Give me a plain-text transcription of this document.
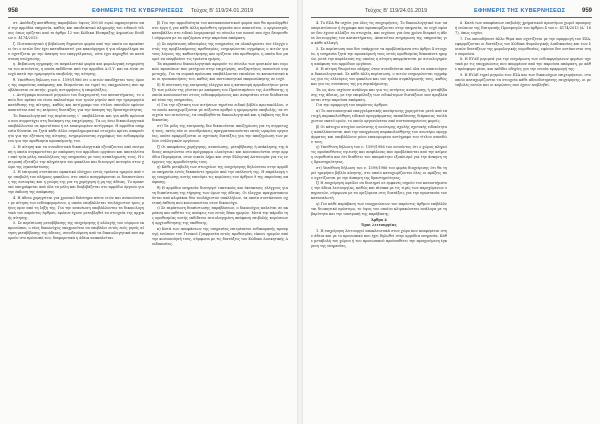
958	ΕΦΗΜΕΡΙΣ ΤΗΣ ΚΥΒΕΡΝΗΣΕΩΣ Τεύχος Β’ 119/24.01.2019

στ. Απόδειξη κατάθεσης παραβόλου ύψους 300,00 ευρώ σφραγισμένο από την αρμόδια υπηρεσία, καθώς και αποδεικτικό πληρωμής του ειδικού τέλους όπως ορίζεται από το άρθρο 12 του Κώδικα Είσπραξης Δημοσίων Εσόδων ν. 4174/2013.

ζ. Πιστοποιητικό ή βεβαίωση δημοσίου φορέα από την οποία να προκύπτει ότι ο αιτών δεν έχει καταδικαστεί για κακούργημα ή για πλημμέλημα που σχετίζεται με την άσκηση του επαγγέλματος, ούτε έχει κηρυχθεί σε κατάσταση πτώχευσης.

η. Βεβαίωση εγγραφής σε ασφαλιστικό φορέα και φορολογική ενημερότητα του αιτούντος, η οποία εκδίδεται από την αρμόδια Δ.Ο.Υ. και να είναι σε ισχύ κατά την ημερομηνία υποβολής της αίτησης.

θ. Υπεύθυνη δήλωση του ν. 1599/1986 ότι ο αιτών αποδέχεται τους όρους της παρούσας απόφασης και δεσμεύεται να τηρεί τις υποχρεώσεις που προβλέπονται σε αυτήν, χωρίς αντιρρήσεις ή επιφυλάξεις.

ι. Αντίγραφο ποινικού μητρώου του διαχειριστή του καταστήματος, το οποίο δεν πρέπει να είναι παλαιότερο των τριών μηνών από την ημερομηνία κατάθεσης της αίτησης, καθώς και αντίγραφο του τίτλου σπουδών εφόσον απαιτείται από τις κείμενες διατάξεις για την άσκηση της δραστηριότητας.

Το δικαιολογητικό της περίπτωσης ι΄ υποβάλλεται και για κάθε πρόσωπο που συμμετέχει στη διοίκηση της επιχείρησης. Τα ως άνω δικαιολογητικά υποβάλλονται σε πρωτότυπο ή σε επικυρωμένο αντίγραφο. Η αρμόδια υπηρεσία δύναται να ζητά κάθε άλλο συμπληρωματικό στοιχείο κρίνει απαραίτητο για την εξέταση της αίτησης, ενημερώνοντας εγγράφως τον ενδιαφερόμενο για την προθεσμία προσκόμισής του.

2. Η αίτηση και τα συνοδευτικά δικαιολογητικά εξετάζονται από επιτροπή η οποία συγκροτείται με απόφαση του αρμόδιου οργάνου και αποτελείται από τρία μέλη, υπαλλήλους της υπηρεσίας με τους αναπληρωτές τους. Η επιτροπή εξετάζει την πληρότητα του φακέλου και διενεργεί αυτοψία στον χώρο της εγκατάστασης.

3. Η επιτροπή συντάσσει πρακτικό ελέγχου εντός τριάντα ημερών από την υποβολή του πλήρους φακέλου, στο οποίο αναγράφονται οι διαπιστώσεις της αυτοψίας και η γνώμη της για τη χορήγηση ή μη της άδειας. Το πρακτικό υπογράφεται από όλα τα μέλη και διαβιβάζεται στο αρμόδιο όργανο για την έκδοση της απόφασης.

4. Η άδεια χορηγείται για χρονικό διάστημα πέντε ετών και ανανεώνεται με αίτηση του ενδιαφερομένου, η οποία υποβάλλεται τουλάχιστον τρεις μήνες πριν από τη λήξη της. Για την ανανέωση υποβάλλονται τα δικαιολογητικά του παρόντος άρθρου, εφόσον έχουν μεταβληθεί τα στοιχεία της αρχικής αίτησης.

5. Σε περίπτωση μεταβίβασης της επιχείρησης ή αλλαγής του νόμιμου εκπροσώπου, ο νέος δικαιούχος υποχρεούται να υποβάλει εντός ενός μηνός αίτηση μεταβίβασης της άδειας, συνοδευόμενη από τα δικαιολογητικά που αφορούν στο πρόσωπό του, διαφορετικά η άδεια ανακαλείται.

β) Για την αρμοδιότητα του κατασκευαστικού φορέα που θα προσληφθεί στο έργο ή για κάθε άλλη πρόσθετη εργασία που απαιτείται, ο οργανισμός καταβάλλει στο ειδικό λογαριασμό το σύνολο του ποσού που έχει δεσμευθεί σύμφωνα με τα οριζόμενα στην παρούσα απόφαση.

γ) Σε περίπτωση αδυναμίας της υπηρεσίας να ολοκληρώσει τον έλεγχο εντός της προβλεπόμενης προθεσμίας, ενημερώνεται εγγράφως ο αιτών για τους λόγους της καθυστέρησης και ορίζεται νέα προθεσμία, η οποία δεν μπορεί να υπερβαίνει τις τριάντα ημέρες.

Τα παραπάνω δικαιολογητικά αφορούν το σύνολο των φυσικών και νομικών προσώπων που μετέχουν στην επιχείρηση, ανεξαρτήτως ποσοστού συμμετοχής. Για τα νομικά πρόσωπα υποβάλλονται επιπλέον το καταστατικό και οι τροποποιήσεις του, καθώς και πιστοποιητικό εκπροσώπησης σε ισχύ.

δ) Η σύσταση της επιτροπής ελέγχου και η κατανομή αρμοδιοτήτων μεταξύ των μελών της γίνεται με απόφαση του Προϊσταμένου της Διεύθυνσης, η οποία κοινοποιείται στους ενδιαφερόμενους και αναρτάται στον διαδικτυακό τόπο της υπηρεσίας.

ε) Για την εξέταση των αιτήσεων τηρείται ειδικό βιβλίο πρωτοκόλλου, στο οποίο καταχωρίζονται με αύξοντα αριθμό η ημερομηνία υποβολής, τα στοιχεία του αιτούντος, τα υποβληθέντα δικαιολογητικά και η έκβαση της διαδικασίας.

στ) Τα μέλη της επιτροπής δεν δικαιούνται αποζημίωση για τη συμμετοχή τους, εκτός εάν οι συνεδριάσεις πραγματοποιούνται εκτός ωραρίου εργασίας, οπότε εφαρμόζονται οι σχετικές διατάξεις για την αποζημίωση των μελών συλλογικών οργάνων.

ζ) Οι αποφάσεις χορήγησης, ανανέωσης, μεταβίβασης ή ανάκλησης της άδειας αναρτώνται στο πρόγραμμα «Διαύγεια» και κοινοποιούνται στην αρμόδια Περιφέρεια, στον οικείο Δήμο και στην Ελληνική Αστυνομία για τις ενέργειες της αρμοδιότητάς τους.

η) Κάθε μεταβολή των στοιχείων της επιχείρησης δηλώνεται στην αρμόδια υπηρεσία εντός δεκαπέντε ημερών από την επέλευσή της. Η παράλειψη της υποχρέωσης αυτής επισύρει τις κυρώσεις του άρθρου 9 της παρούσας απόφασης.

θ) Η αρμόδια υπηρεσία διενεργεί τακτικούς και έκτακτους ελέγχους για τη διαπίστωση της τήρησης των όρων της άδειας. Οι έλεγχοι πραγματοποιούνται από κλιμάκια δύο τουλάχιστον υπαλλήλων, τα οποία συντάσσουν σχετική έκθεση που κοινοποιείται στον δικαιούχο.

ι) Σε περίπτωση διαπίστωσης παραβάσεων, ο δικαιούχος καλείται σε ακρόαση και εκθέτει τις απόψεις του εντός δέκα ημερών. Μετά την πάροδο της προθεσμίας αυτής εκδίδεται αιτιολογημένη απόφαση επιβολής κυρώσεων ή αρχειοθέτησης της υπόθεσης.

κ) Κατά των αποφάσεων της υπηρεσίας επιτρέπεται ενδικοφανής προσφυγή ενώπιον του Γενικού Γραμματέα εντός προθεσμίας είκοσι ημερών από την κοινοποίησή τους, σύμφωνα με τις διατάξεις του Κώδικα Διοικητικής Διαδικασίας.

Τεύχος Β’ 119/24.01.2019	ΕΦΗΜΕΡΙΣ ΤΗΣ ΚΥΒΕΡΝΗΣΕΩΣ	959

4. Το ΕΣΑ θα ισχύει για όλες τις επιχειρήσεις. Το δικαιολογητικό των υποπεριπτώσεων ή έγγραφα που προσκομίζονται στην υπηρεσία, σε ισχύ εφόσον δεν έχουν αλλάξει τα στοιχεία, και ισχύουν για όσο χρόνο διαρκεί η άδεια λειτουργίας του καταστήματος. Απαιτείται ενημέρωση της υπηρεσίας για κάθε αλλαγή.

5. Σε περίπτωση που δεν υπάρχουν τα προβλεπόμενα στο άρθρο 4 στοιχεία, η υπηρεσία ζητά την προσκόμισή τους εντός προθεσμίας δεκαπέντε ημερών, μετά την παρέλευση της οποίας η αίτηση απορρίπτεται με αιτιολογημένη απόφαση του αρμόδιου οργάνου.

6. Η αίτηση θεωρείται πλήρης όταν συνοδεύεται από όλα τα απαιτούμενα δικαιολογητικά. Σε κάθε άλλη περίπτωση, ο αιτών ενημερώνεται εγγράφως για τις ελλείψεις του φακέλου και τον τρόπο συμπλήρωσής τους, καθώς και για τις συνέπειες της μη συμπλήρωσης.

Τα ως άνω ισχύουν ανάλογα και για τις αιτήσεις ανανέωσης ή μεταβίβασης της άδειας, με την επιφύλαξη των ειδικότερων διατάξεων που προβλέπονται στην παρούσα απόφαση.

Για την εφαρμογή του παρόντος άρθρου:

α) Το πιστοποιητικό επαγγελματικής κατάρτισης χορηγείται μετά από επιτυχή παρακολούθηση ειδικού προγράμματος εκπαίδευσης διάρκειας τουλάχιστον εκατό ωρών, το οποίο οργανώνεται από πιστοποιημένους φορείς.

β) Οι κάτοχοι πτυχίου ανώτατης ή ανώτερης σχολής σχετικής ειδικότητας απαλλάσσονται από την υποχρέωση παρακολούθησης του ανωτέρω προγράμματος και υποβάλλουν μόνο επικυρωμένο αντίγραφο του τίτλου σπουδών τους.

γ) Υπεύθυνη δήλωση του ν. 1599/1986 του αιτούντος ότι ο χώρος πληροί τις προϋποθέσεις υγιεινής και ασφάλειας που προβλέπονται από την κείμενη νομοθεσία και ότι διαθέτει τον απαραίτητο εξοπλισμό για την άσκηση της δραστηριότητας.

στ) Υπεύθυνη δήλωση του ν. 1599/1986 του φορέα διαχείρισης ότι θα τηρεί ημερήσιο βιβλίο κίνησης, στο οποίο καταχωρίζονται όλες οι πράξεις που σχετίζονται με την άσκηση της δραστηριότητας.

ζ) Η επιχείρηση οφείλει να διατηρεί σε εμφανές σημείο του καταστήματος την άδεια λειτουργίας, καθώς και πίνακα με τις τιμές των παρεχόμενων υπηρεσιών, σύμφωνα με τα οριζόμενα στις διατάξεις για την προστασία του καταναλωτή.

η) Για κάθε παράβαση των υποχρεώσεων του παρόντος άρθρου επιβάλλεται διοικητικό πρόστιμο, το ύψος του οποίου κλιμακώνεται ανάλογα με τη βαρύτητα και την υποτροπή της παράβασης.

Άρθρο 4

Όροι λειτουργίας

1. Η επιχείρηση λειτουργεί αποκλειστικά στον χώρο που αναφέρεται στην άδεια και με το προσωπικό που έχει δηλωθεί στην αρμόδια υπηρεσία. Κάθε μεταβολή του χώρου ή του προσωπικού προϋποθέτει την προηγούμενη έγκριση της υπηρεσίας.

6. Κατά των αποφάσεων επιβολής χρηματικού προστίμου χωρεί προσφυγή ενώπιον της Επιτροπής Προσφυγών του άρθρου 4 του ν. 4174/2013 (Α΄ 167), όπως ισχύει.

7. Για οποιοδήποτε άλλο θέμα που σχετίζεται με την εφαρμογή του ΕΣΑ, εφαρμόζονται οι διατάξεις του Κώδικα Φορολογικής Διαδικασίας και των λοιπών διατάξεων της φορολογικής νομοθεσίας, εφόσον δεν αντίκεινται στην παρούσα.

8. Η ΕΥΔΕ μεριμνά για την ενημέρωση των ενδιαφερόμενων φορέων σχετικά με τις υποχρεώσεις που απορρέουν από την παρούσα απόφαση, με κάθε πρόσφορο μέσο, και εκδίδει οδηγίες για την ενιαία εφαρμογή της.

9. Η ΕΥΔΕ τηρεί μητρώο των ΕΣΑ και των δικαιούχων επιχειρήσεων, στο οποίο καταχωρίζονται τα στοιχεία κάθε αδειοδοτημένης επιχείρησης, οι μεταβολές αυτών και οι κυρώσεις που έχουν επιβληθεί.
